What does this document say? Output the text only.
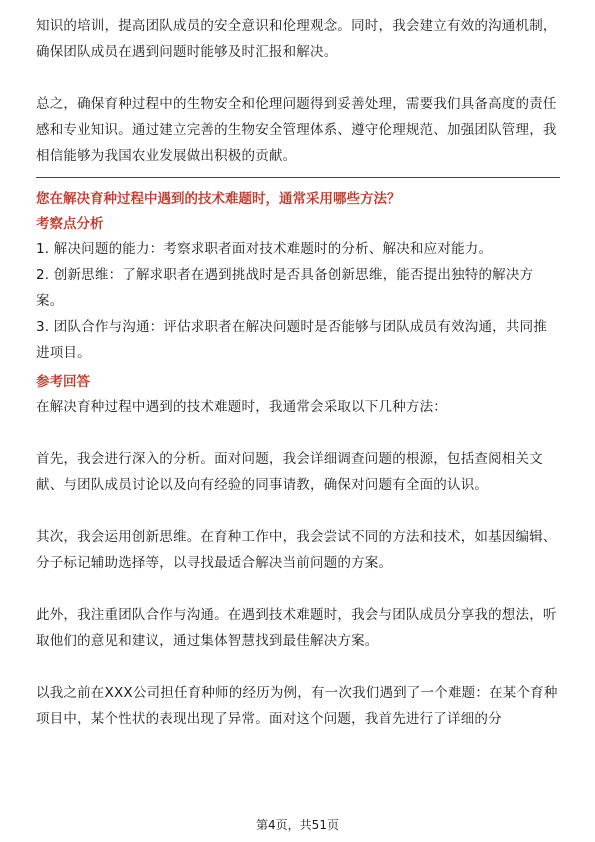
知识的培训，提高团队成员的安全意识和伦理观念。同时，我会建立有效的沟通机制，确保团队成员在遇到问题时能够及时汇报和解决。

总之，确保育种过程中的生物安全和伦理问题得到妥善处理，需要我们具备高度的责任感和专业知识。通过建立完善的生物安全管理体系、遵守伦理规范、加强团队管理，我相信能够为我国农业发展做出积极的贡献。

您在解决育种过程中遇到的技术难题时，通常采用哪些方法？

考察点分析

1. 解决问题的能力：考察求职者面对技术难题时的分析、解决和应对能力。

2. 创新思维：了解求职者在遇到挑战时是否具备创新思维，能否提出独特的解决方案。

3. 团队合作与沟通：评估求职者在解决问题时是否能够与团队成员有效沟通，共同推进项目。

参考回答

在解决育种过程中遇到的技术难题时，我通常会采取以下几种方法：

首先，我会进行深入的分析。面对问题，我会详细调查问题的根源，包括查阅相关文献、与团队成员讨论以及向有经验的同事请教，确保对问题有全面的认识。

其次，我会运用创新思维。在育种工作中，我会尝试不同的方法和技术，如基因编辑、分子标记辅助选择等，以寻找最适合解决当前问题的方案。

此外，我注重团队合作与沟通。在遇到技术难题时，我会与团队成员分享我的想法，听取他们的意见和建议，通过集体智慧找到最佳解决方案。

以我之前在XXX公司担任育种师的经历为例，有一次我们遇到了一个难题：在某个育种项目中，某个性状的表现出现了异常。面对这个问题，我首先进行了详细的分

第4页，共51页
